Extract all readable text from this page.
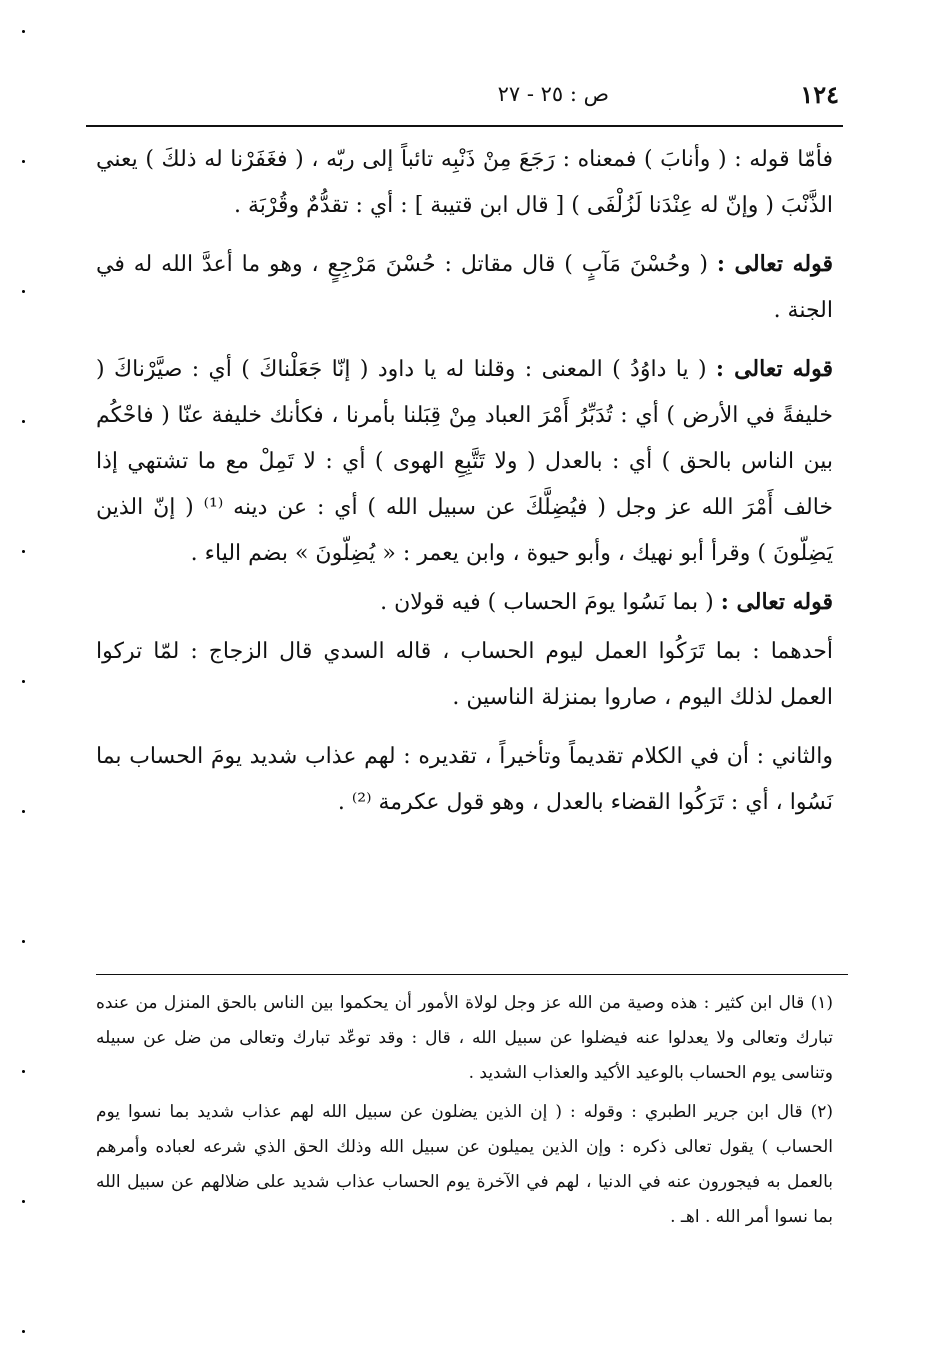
١٢٤
ص : ٢٥ - ٢٧

فأمّا قوله : ( وأنابَ ) فمعناه : رَجَعَ مِنْ ذَنْبِه تائباً إلى ربّه ، ( فغَفَرْنا له ذلكَ ) يعني الذَّنْبَ ( وإنّ له عِنْدَنا لَزُلْفَى ) [ قال ابن قتيبة ] : أي : تقدُّمٌ وقُرْبَة .

قوله تعالى : ( وحُسْنَ مَآبٍ ) قال مقاتل : حُسْنَ مَرْجِعٍ ، وهو ما أعدَّ الله له في الجنة .

قوله تعالى : ( يا داوُدُ ) المعنى : وقلنا له يا داود ( إنّا جَعَلْناكَ ) أي : صيَّرْناكَ ( خليفةً في الأرض ) أي : تُدَبِّرُ أَمْرَ العباد مِنْ قِبَلنا بأمرنا ، فكأنك خليفة عنّا ( فاحْكُم بين الناس بالحق ) أي : بالعدل ( ولا تَتَّبِعِ الهوى ) أي : لا تَمِلْ مع ما تشتهي إذا خالف أَمْرَ الله عز وجل ( فيُضِلَّكَ عن سبيل الله ) أي : عن دينه ⁽¹⁾ ( إنّ الذين يَضِلّونَ ) وقرأ أبو نهيك ، وأبو حيوة ، وابن يعمر : « يُضِلّونَ » بضم الياء .

قوله تعالى : ( بما نَسُوا يومَ الحساب ) فيه قولان .

أحدهما : بما تَرَكُوا العمل ليوم الحساب ، قاله السدي قال الزجاج : لمّا تركوا العمل لذلك اليوم ، صاروا بمنزلة الناسين .

والثاني : أن في الكلام تقديماً وتأخيراً ، تقديره : لهم عذاب شديد يومَ الحساب بما نَسُوا ، أي : تَرَكُوا القضاء بالعدل ، وهو قول عكرمة ⁽²⁾ .

(١) قال ابن كثير : هذه وصية من الله عز وجل لولاة الأمور أن يحكموا بين الناس بالحق المنزل من عنده تبارك وتعالى ولا يعدلوا عنه فيضلوا عن سبيل الله ، قال : وقد توعّد تبارك وتعالى من ضل عن سبيله وتناسى يوم الحساب بالوعيد الأكيد والعذاب الشديد .

(٢) قال ابن جرير الطبري : وقوله : ( إن الذين يضلون عن سبيل الله لهم عذاب شديد بما نسوا يوم الحساب ) يقول تعالى ذكره : وإن الذين يميلون عن سبيل الله وذلك الحق الذي شرعه لعباده وأمرهم بالعمل به فيجورون عنه في الدنيا ، لهم في الآخرة يوم الحساب عذاب شديد على ضلالهم عن سبيل الله بما نسوا أمر الله . اهـ .
